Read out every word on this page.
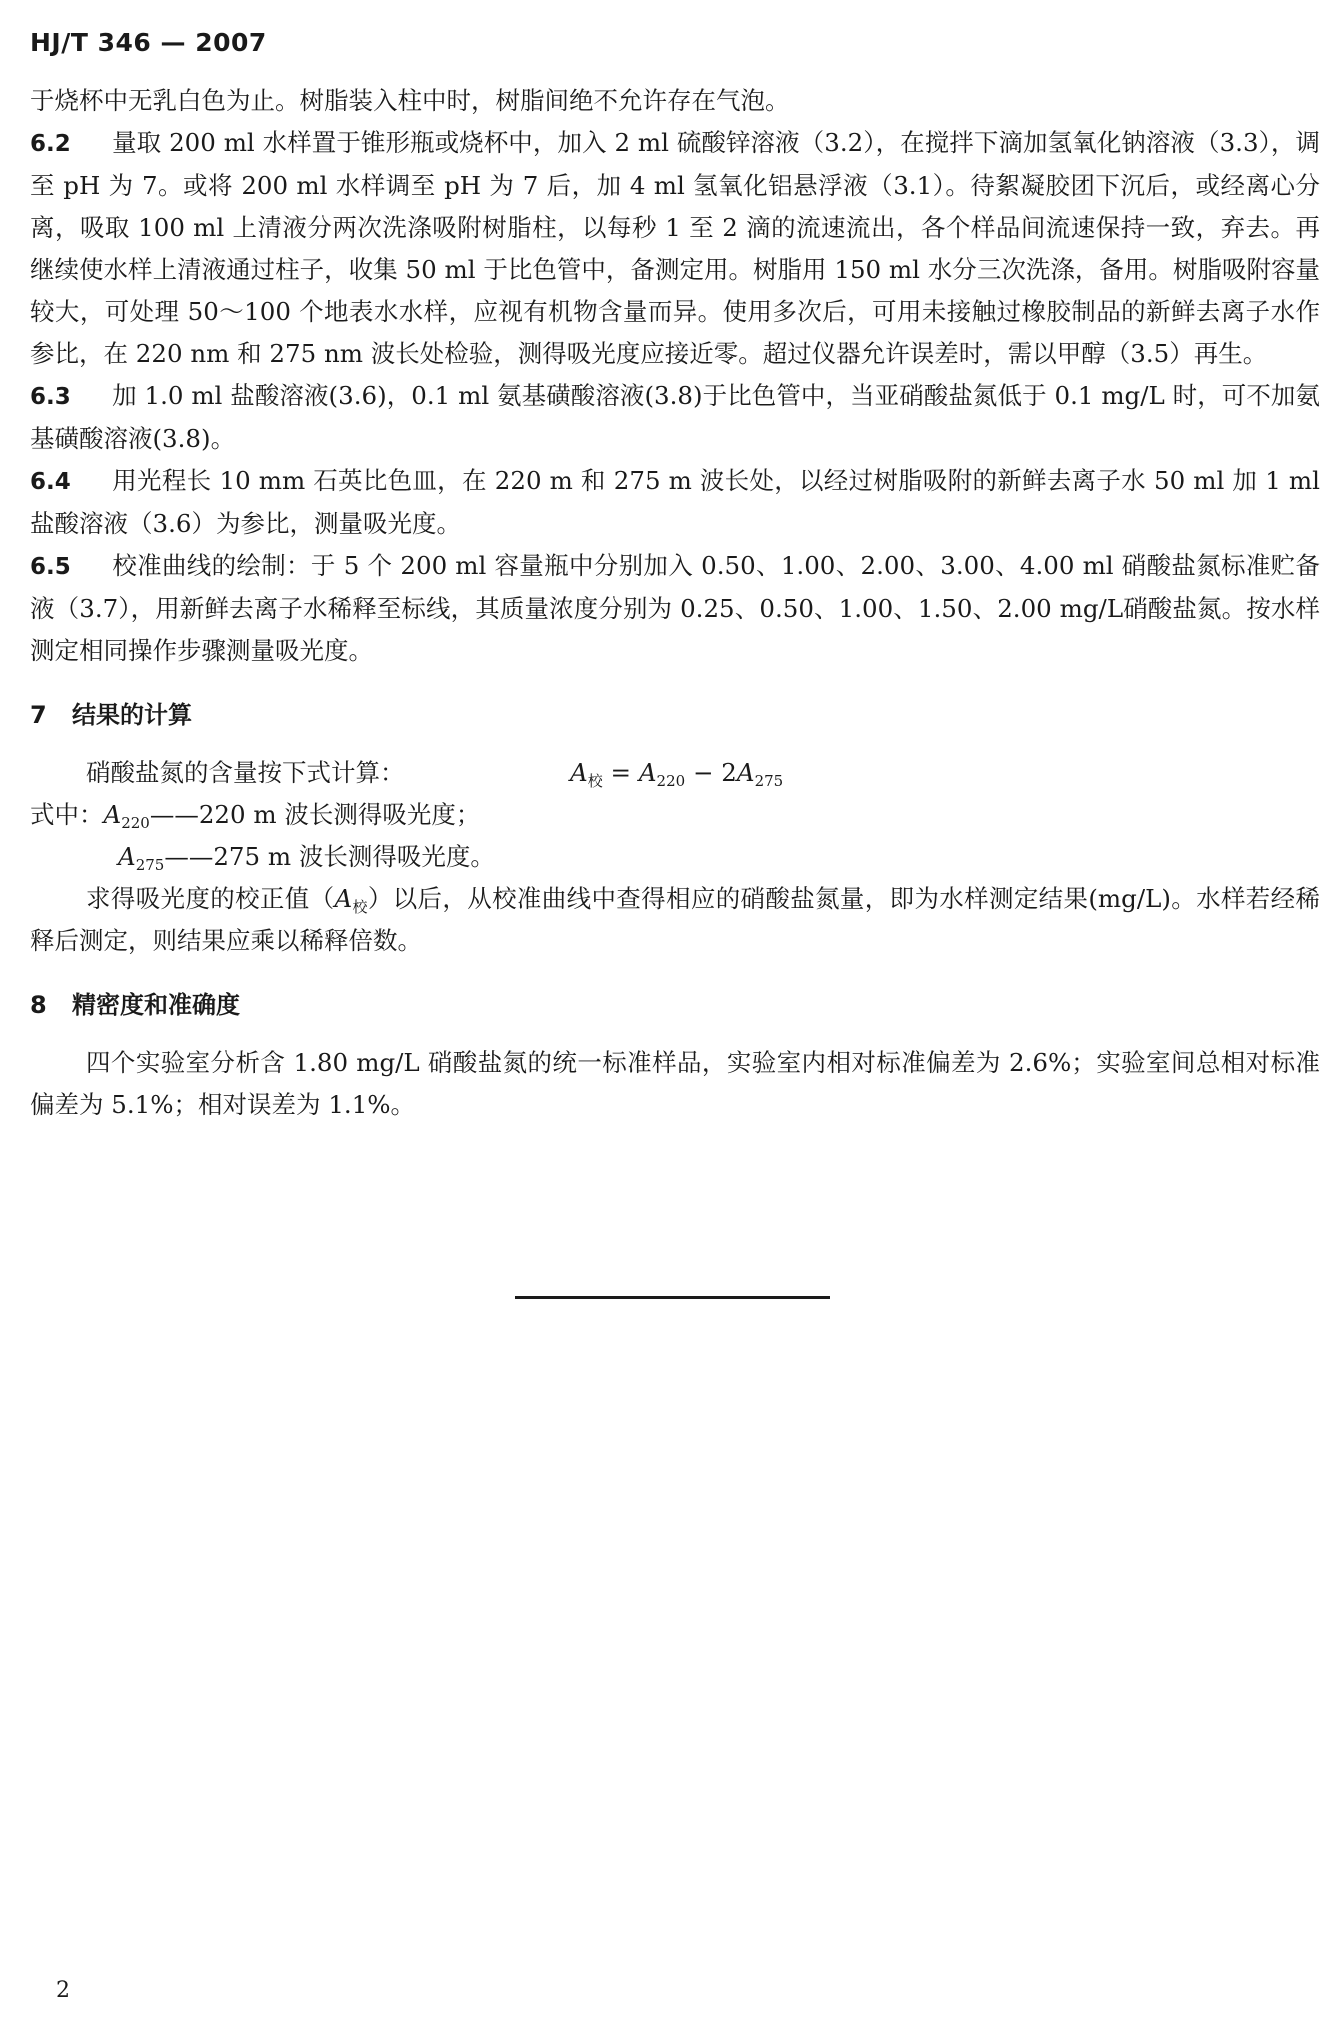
HJ/T 346 — 2007

于烧杯中无乳白色为止。树脂装入柱中时，树脂间绝不允许存在气泡。

6.2 量取 200 ml 水样置于锥形瓶或烧杯中，加入 2 ml 硫酸锌溶液（3.2），在搅拌下滴加氢氧化钠溶液（3.3），调至 pH 为 7。或将 200 ml 水样调至 pH 为 7 后，加 4 ml 氢氧化铝悬浮液（3.1）。待絮凝胶团下沉后，或经离心分离，吸取 100 ml 上清液分两次洗涤吸附树脂柱，以每秒 1 至 2 滴的流速流出，各个样品间流速保持一致，弃去。再继续使水样上清液通过柱子，收集 50 ml 于比色管中，备测定用。树脂用 150 ml 水分三次洗涤，备用。树脂吸附容量较大，可处理 50～100 个地表水水样，应视有机物含量而异。使用多次后，可用未接触过橡胶制品的新鲜去离子水作参比，在 220 nm 和 275 nm 波长处检验，测得吸光度应接近零。超过仪器允许误差时，需以甲醇（3.5）再生。

6.3 加 1.0 ml 盐酸溶液(3.6)，0.1 ml 氨基磺酸溶液(3.8)于比色管中，当亚硝酸盐氮低于 0.1 mg/L 时，可不加氨基磺酸溶液(3.8)。

6.4 用光程长 10 mm 石英比色皿，在 220 m 和 275 m 波长处，以经过树脂吸附的新鲜去离子水 50 ml 加 1 ml 盐酸溶液（3.6）为参比，测量吸光度。

6.5 校准曲线的绘制：于 5 个 200 ml 容量瓶中分别加入 0.50、1.00、2.00、3.00、4.00 ml 硝酸盐氮标准贮备液（3.7），用新鲜去离子水稀释至标线，其质量浓度分别为 0.25、0.50、1.00、1.50、2.00 mg/L硝酸盐氮。按水样测定相同操作步骤测量吸光度。

7 结果的计算
硝酸盐氮的含量按下式计算：	$A_校 = A_{220} - 2A_{275}$
式中：$A_{220}——220$ m 波长测得吸光度；
$A_{275}——275$ m 波长测得吸光度。

求得吸光度的校正值$(A_校)$以后，从校准曲线中查得相应的硝酸盐氮量，即为水样测定结果(mg/L)。水样若经稀释后测定，则结果应乘以稀释倍数。

8 精密度和准确度

四个实验室分析含 1.80 mg/L 硝酸盐氮的统一标准样品，实验室内相对标准偏差为 2.6%；实验室间总相对标准偏差为 5.1%；相对误差为 1.1%。

2
